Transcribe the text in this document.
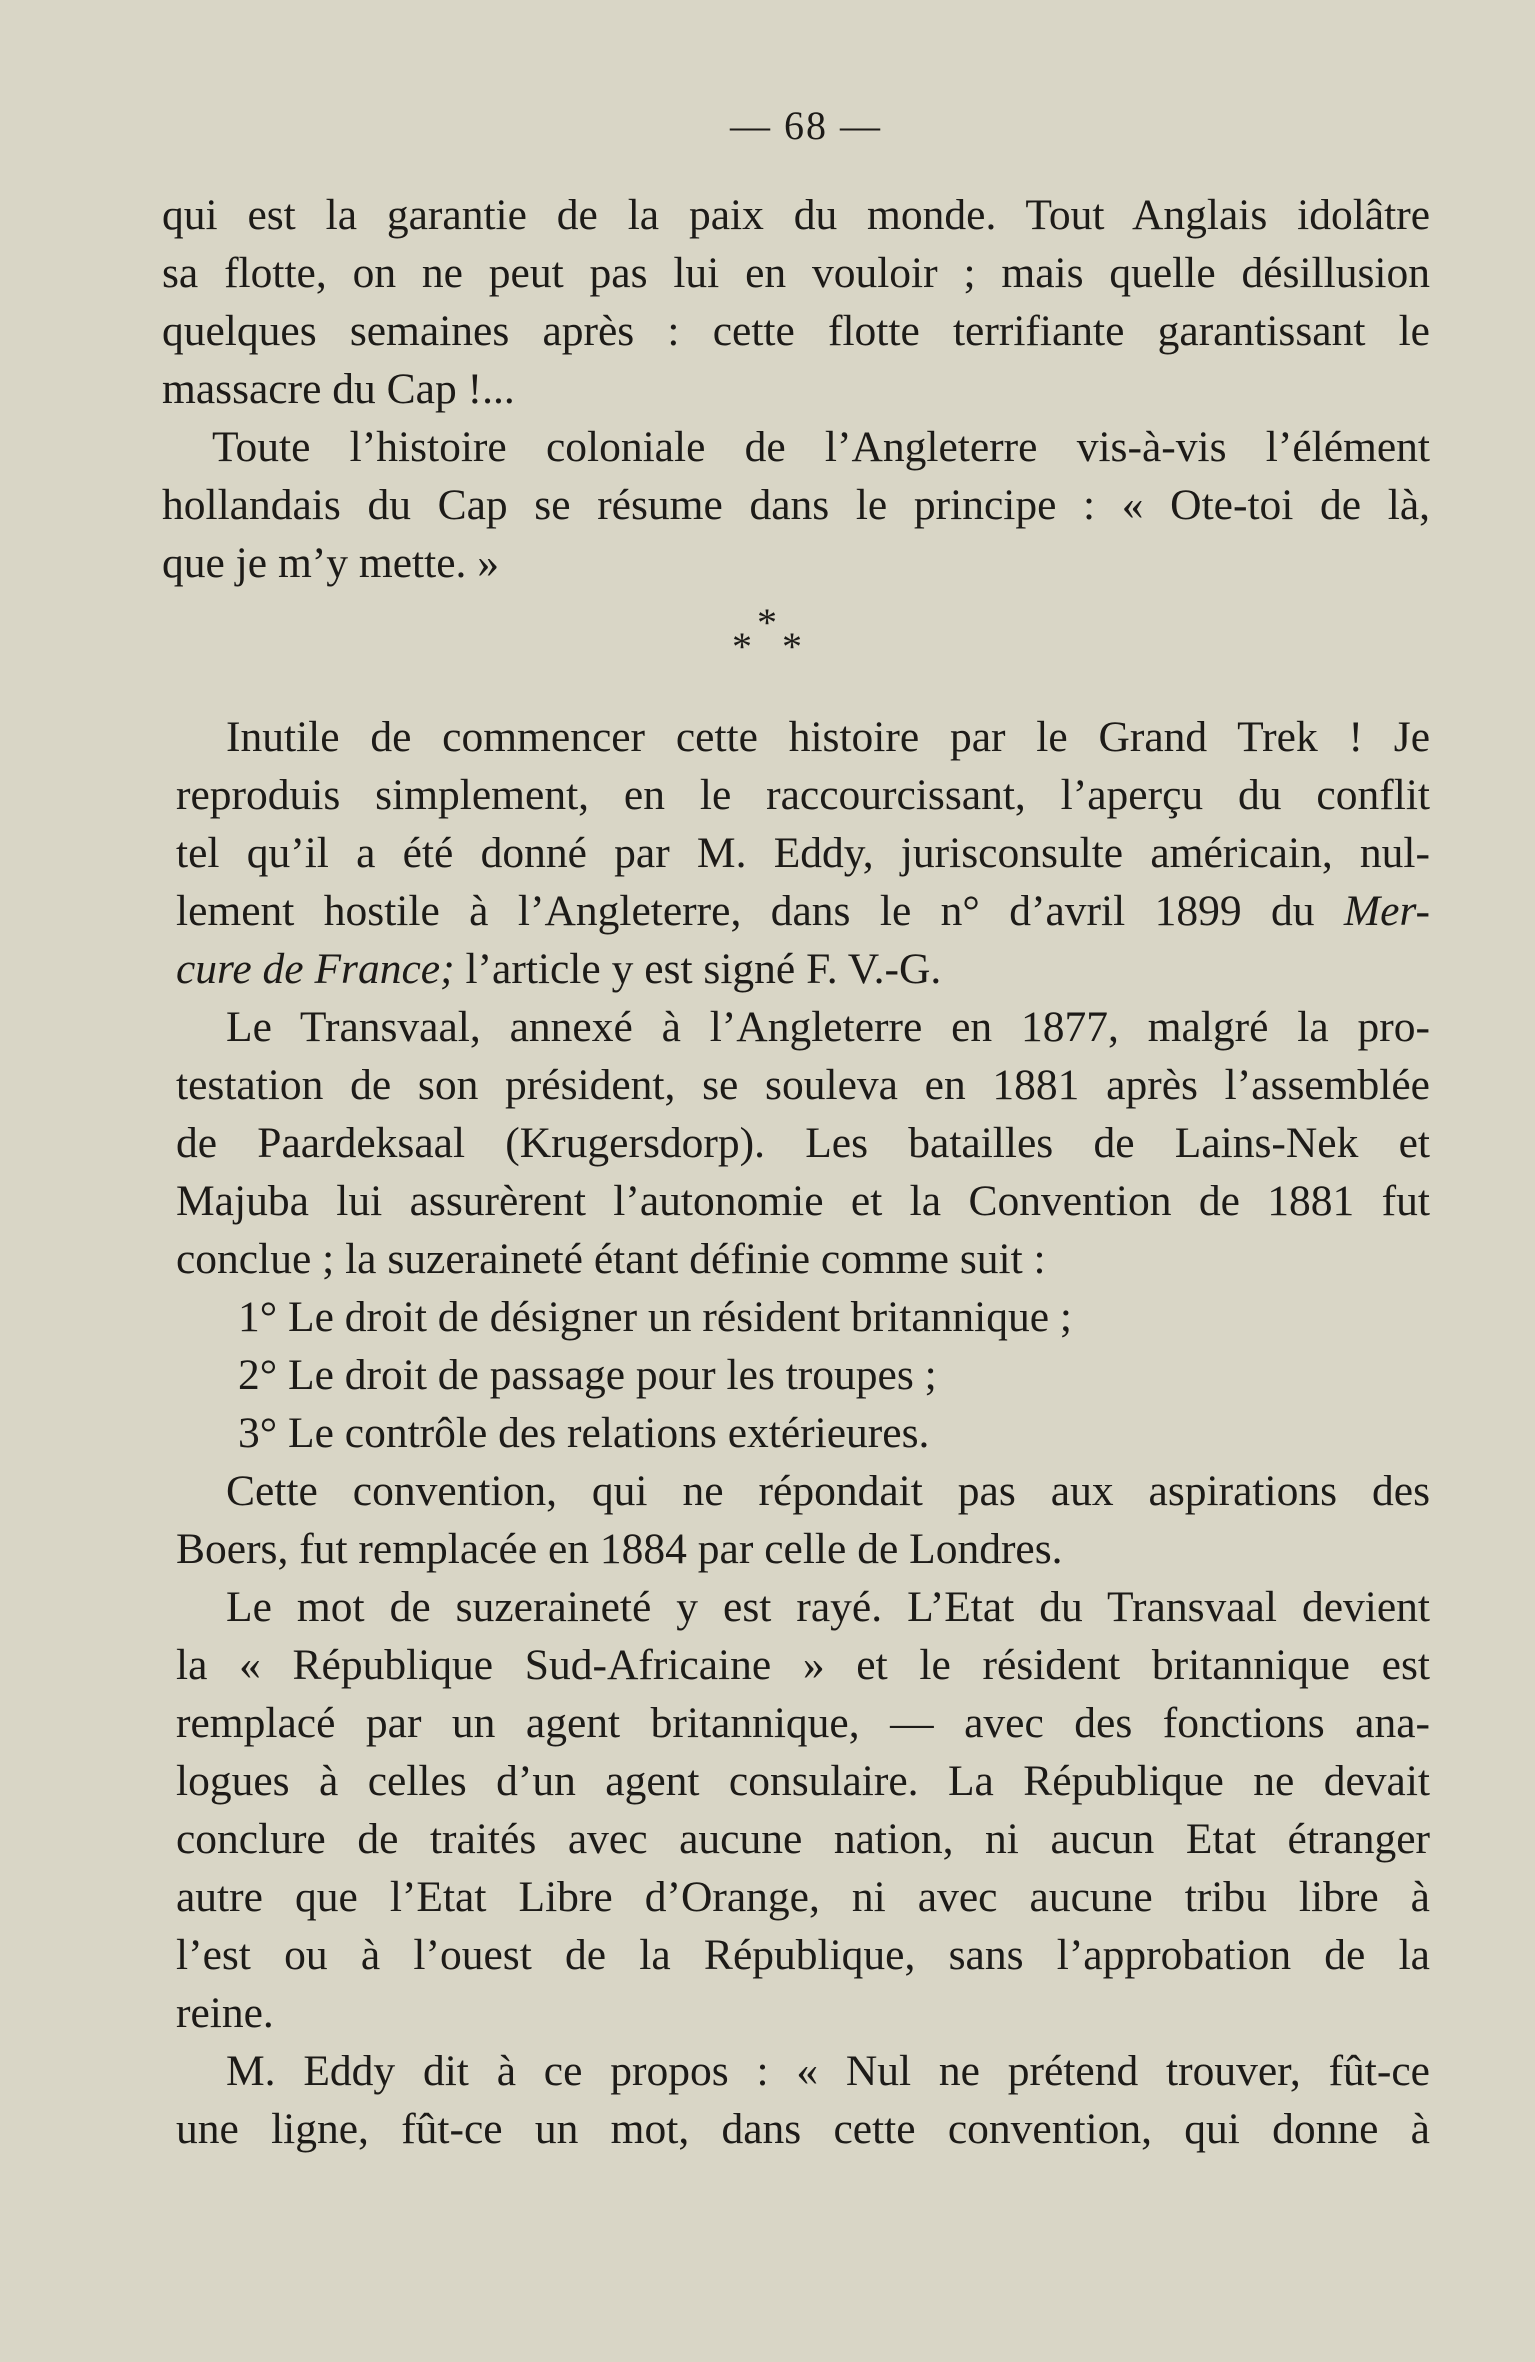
— 68 —
qui est la garantie de la paix du monde. Tout Anglais idolâtre
sa flotte, on ne peut pas lui en vouloir ; mais quelle désillusion
quelques semaines après : cette flotte terrifiante garantissant le
massacre du Cap !...
Toute l’histoire coloniale de l’Angleterre vis-à-vis l’élément
hollandais du Cap se résume dans le principe : « Ote-toi de là,
que je m’y mette. »
*
* *
Inutile de commencer cette histoire par le Grand Trek ! Je
reproduis simplement, en le raccourcissant, l’aperçu du conflit
tel qu’il a été donné par M. Eddy, jurisconsulte américain, nul-
lement hostile à l’Angleterre, dans le n° d’avril 1899 du Mer-
cure de France; l’article y est signé F. V.-G.
Le Transvaal, annexé à l’Angleterre en 1877, malgré la pro-
testation de son président, se souleva en 1881 après l’assemblée
de Paardeksaal (Krugersdorp). Les batailles de Lains-Nek et
Majuba lui assurèrent l’autonomie et la Convention de 1881 fut
conclue ; la suzeraineté étant définie comme suit :
1° Le droit de désigner un résident britannique ;
2° Le droit de passage pour les troupes ;
3° Le contrôle des relations extérieures.
Cette convention, qui ne répondait pas aux aspirations des
Boers, fut remplacée en 1884 par celle de Londres.
Le mot de suzeraineté y est rayé. L’Etat du Transvaal devient
la « République Sud-Africaine » et le résident britannique est
remplacé par un agent britannique, — avec des fonctions ana-
logues à celles d’un agent consulaire. La République ne devait
conclure de traités avec aucune nation, ni aucun Etat étranger
autre que l’Etat Libre d’Orange, ni avec aucune tribu libre à
l’est ou à l’ouest de la République, sans l’approbation de la
reine.
M. Eddy dit à ce propos : « Nul ne prétend trouver, fût-ce
une ligne, fût-ce un mot, dans cette convention, qui donne à
